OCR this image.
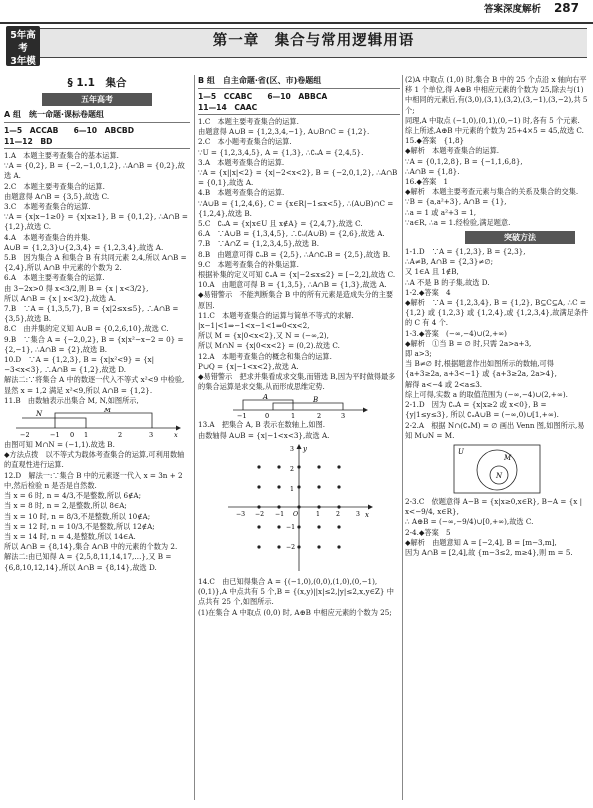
答案深度解析 287
5年高考
3年模拟
五年高考三年模拟
第一章　集合与常用逻辑用语
§ 1.1　集合
五年高考
A 组　统一命题·课标卷题组
1—5　ACCAB　　6—10　ABCBD
11—12　BD
1.A　本题主要考查集合的基本运算.
∵A = {0,2}, B = {−2,−1,0,1,2}, ∴A∩B = {0,2},故选 A.
2.C　本题主要考查集合的运算.
由题意得 A∩B = {3,5},故选 C.
3.C　本题考查集合的运算.
∵A = {x|x−1≥0} = {x|x≥1}, B = {0,1,2}, ∴A∩B = {1,2},故选 C.
4.A　本题考查集合的并集.
A∪B = {1,2,3}∪{2,3,4} = {1,2,3,4},故选 A.
5.B　因为集合 A 和集合 B 有共同元素 2,4,所以 A∩B = {2,4},所以 A∩B 中元素的个数为 2.
6.A　本题主要考查集合的运算.
由 3−2x>0 得 x<3/2,则 B = {x | x<3/2},
所以 A∩B = {x | x<3/2},故选 A.
7.B　∵A = {1,3,5,7}, B = {x|2≤x≤5}, ∴A∩B = {3,5},故选 B.
8.C　由并集的定义知 A∪B = {0,2,6,10},故选 C.
9.B　∵集合 A = {−2,0,2}, B = {x|x²−x−2 = 0} = {2,−1}, ∴A∩B = {2},故选 B.
10.D　∵A = {1,2,3}, B = {x|x²<9} = {x|−3<x<3}, ∴A∩B = {1,2},故选 D.
解法二:∵将集合 A 中的数逐一代入不等式 x²<9 中检验,显然 x = 1,2 满足 x²<9,所以 A∩B = {1,2}.
11.B　由数轴表示出集合 M, N,如图所示,
N	M
−2	−1 0 1	2	3	x
由图可知 M∩N = (−1,1).故选 B.
◆方法点拨　以不等式为载体考查集合的运算,可利用数轴的直观性进行运算.
12.D　解法一:∵集合 B 中的元素逐一代入 x = 3n + 2 中,然后检验 n 是否是自然数.
当 x = 6 时, n = 4/3,不是整数,所以 6∉A;
当 x = 8 时, n = 2,是整数,所以 8∈A;
当 x = 10 时, n = 8/3,不是整数,所以 10∉A;
当 x = 12 时, n = 10/3,不是整数,所以 12∉A;
当 x = 14 时, n = 4,是整数,所以 14∈A.
所以 A∩B = {8,14},集合 A∩B 中的元素的个数为 2.
解法二:由已知得 A = {2,5,8,11,14,17,…},又 B = {6,8,10,12,14},所以 A∩B = {8,14},故选 D.
B 组　自主命题·省(区、市)卷题组
1—5　CCABC　　6—10　ABBCA
11—14　CAAC
1.C　本题主要考查集合的运算.
由题意得 A∪B = {1,2,3,4,−1}, A∪B∩C = {1,2}.
2.C　本小题考查集合的运算.
∵U = {1,2,3,4,5}, A = {1,3}, ∴∁ᵤA = {2,4,5}.
3.A　本题考查集合的运算.
∵A = {x||x|<2} = {x|−2<x<2}, B = {−2,0,1,2}, ∴A∩B = {0,1},故选 A.
4.B　本题考查集合的运算.
∵A∪B = {1,2,4,6}, C = {x∈R|−1≤x<5}, ∴(A∪B)∩C = {1,2,4},故选 B.
5.C　∁ᵤA = {x|x∈U 且 x∉A} = {2,4,7},故选 C.
6.A　∵A∪B = {1,3,4,5}, ∴∁ᵤ(A∪B) = {2,6},故选 A.
7.B　∵A∩Z = {1,2,3,4,5},故选 B.
8.B　由题意可得 ∁ᵤB = {2,5}, ∴A∩∁ᵤB = {2,5},故选 B.
9.C　本题考查集合的补集运算.
根据补集的定义可知 ∁ᵤA = {x|−2≤x≤2} = [−2,2],故选 C.
10.A　由题意可得 B = {1,3,5}, ∴A∩B = {1,3},故选 A.
◆易错警示　不能判断集合 B 中的所有元素是造成失分的主要原因.
11.C　本题考查集合的运算与简单不等式的求解.
|x−1|<1⇒−1<x−1<1⇒0<x<2,
所以 M = {x|0<x<2},又 N = (−∞,2),
所以 M∩N = {x|0<x<2} = (0,2).故选 C.
12.A　本题考查集合的概念和集合的运算.
P∪Q = {x|−1<x<2},故选 A.
◆易错警示　把求并集看成求交集,而错选 B,因为平时做得最多的集合运算是求交集,从而形成思维定势.
A	B
−1	0	1	2	3
13.A　把集合 A, B 表示在数轴上,如图.
由数轴得 A∪B = {x|−1<x<3},故选 A.
x
y
−3 −2 −1 O	1	2	3
3
2
1
−1
−2
14.C　由已知得集合 A = {(−1,0),(0,0),(1,0),(0,−1),(0,1)},A 中点共有 5 个,B = {(x,y)||x|≤2,|y|≤2,x,y∈Z} 中点共有 25 个,如图所示.
(1)在集合 A 中取点 (0,0) 时, A⊕B 中相应元素的个数为 25;
(2)A 中取点 (1,0) 时,集合 B 中的 25 个点沿 x 轴向右平移 1 个单位,得 A⊕B 中相应元素的个数为 25,除去与(1)中相同的元素后,有(3,0),(3,1),(3,2),(3,−1),(3,−2),共 5 个;
同理,A 中取点 (−1,0),(0,1),(0,−1) 时,各有 5 个元素.
综上所述,A⊕B 中元素的个数为 25+4×5 = 45,故选 C.
15.◆答案　{1,8}
◆解析　本题考查集合的运算.
∵A = {0,1,2,8}, B = {−1,1,6,8},
∴A∩B = {1,8}.
16.◆答案　1
◆解析　本题主要考查元素与集合的关系及集合的交集.
∵B = {a,a²+3}, A∩B = {1},
∴a = 1 或 a²+3 = 1,
∵a∈R, ∴a = 1.经检验,满足题意.
突破方法
1-1.D　∵A = {1,2,3}, B = {2,3},
∴A≠B, A∩B = {2,3}≠∅;
又 1∈A 且 1∉B,
∴A 不是 B 的子集,故选 D.
1-2.◆答案　4
◆解析　∵A = {1,2,3,4}, B = {1,2}, B⊆C⊆A, ∴C = {1,2} 或 {1,2,3} 或 {1,2,4},或 {1,2,3,4},故满足条件的 C 有 4 个.
1-3.◆答案　(−∞,−4)∪(2,+∞)
◆解析　①当 B = ∅ 时,只需 2a>a+3,
即 a>3;
当 B≠∅ 时,根据题意作出如图所示的数轴,可得 {a+3≥2a, a+3<−1} 或 {a+3≥2a, 2a>4},
解得 a<−4 或 2<a≤3.
综上可得,实数 a 的取值范围为 (−∞,−4)∪(2,+∞).
2-1.D　因为 ∁ᵤA = {x|x≥2 或 x<0}, B = {y|1≤y≤3}, 所以 ∁ᵤA∪B = (−∞,0)∪[1,+∞).
2-2.A　根据 N∩(∁ᵤM) = ∅ 画出 Venn 图,如图所示,易知 M∪N = M.
U
M
N
2-3.C　依题意得 A−B = {x|x≥0,x∈R}, B−A = {x | x<−9/4, x∈R},
∴ A⊕B = (−∞,−9/4)∪[0,+∞),故选 C.
2-4.◆答案　5
◆解析　由题意知 A = [−2,4], B = [m−3,m],
因为 A∩B = [2,4],故 {m−3≤2, m≥4},则 m = 5.
